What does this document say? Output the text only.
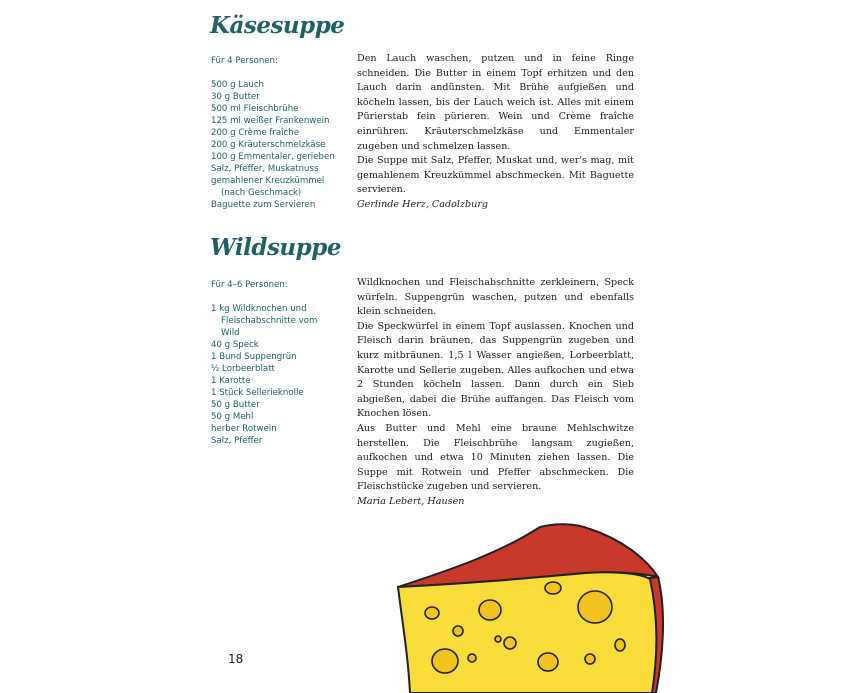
Käsesuppe
Für 4 Personen:
500 g Lauch
30 g Butter
500 ml Fleischbrühe
125 ml weißer Frankenwein
200 g Crème fraîche
200 g Kräuterschmelzkäse
100 g Emmentaler, gerieben
Salz, Pfeffer, Muskatnuss
gemahlener Kreuzkümmel
(nach Geschmack)
Baguette zum Servieren

Den Lauch waschen, putzen und in feine Ringe schneiden. Die Butter in einem Topf erhitzen und den Lauch darin andünsten. Mit Brühe aufgießen und köcheln lassen, bis der Lauch weich ist. Alles mit einem Pürierstab fein pürieren. Wein und Crème fraîche einrühren. Kräuterschmelzkäse und Emmentaler zugeben und schmelzen lassen.

Die Suppe mit Salz, Pfeffer, Muskat und, wer's mag, mit gemahlenem Kreuzkümmel abschmecken. Mit Baguette servieren.

Gerlinde Herz, Cadolzburg

Wildsuppe
Für 4–6 Personen:
1 kg Wildknochen und
Fleischabschnitte vom
Wild
40 g Speck
1 Bund Suppengrün
½ Lorbeerblatt
1 Karotte
1 Stück Sellerieknolle
50 g Butter
50 g Mehl
herber Rotwein
Salz, Pfeffer

Wildknochen und Fleischabschnitte zerkleinern, Speck würfeln. Suppengrün waschen, putzen und ebenfalls klein schneiden.

Die Speckwürfel in einem Topf auslassen. Knochen und Fleisch darin bräunen, das Suppengrün zugeben und kurz mitbräunen. 1,5 l Wasser angießen, Lorbeerblatt, Karotte und Sellerie zugeben. Alles aufkochen und etwa 2 Stunden köcheln lassen. Dann durch ein Sieb abgießen, dabei die Brühe auffangen. Das Fleisch vom Knochen lösen.

Aus Butter und Mehl eine braune Mehlschwitze herstellen. Die Fleischbrühe langsam zugießen, aufkochen und etwa 10 Minuten ziehen lassen. Die Suppe mit Rotwein und Pfeffer abschmecken. Die Fleischstücke zugeben und servieren.

Maria Lebert, Hausen

18
